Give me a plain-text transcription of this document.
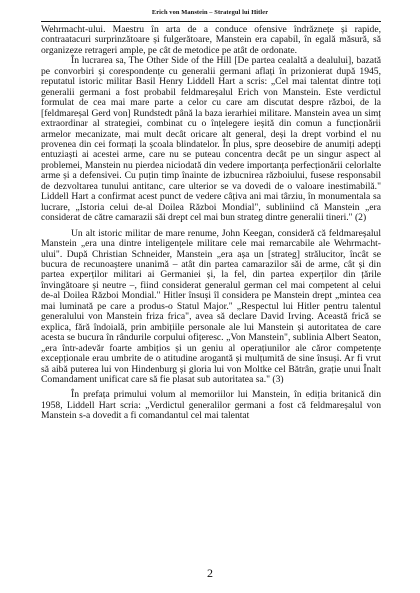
Erich von Manstein – Strategul lui Hitler

Wehrmacht-ului. Maestru în arta de a conduce ofensive îndrăznețe și rapide, contraatacuri surprinzătoare și fulgerătoare, Manstein era capabil, în egală măsură, să organizeze retrageri ample, pe cât de metodice pe atât de ordonate.

În lucrarea sa, The Other Side of the Hill [De partea cealaltă a dealului], bazată pe convorbiri și corespondențe cu generalii germani aflați în prizonierat după 1945, reputatul istoric militar Basil Henry Liddell Hart a scris: „Cel mai talentat dintre toți generalii germani a fost probabil feldmareșalul Erich von Manstein. Este verdictul formulat de cea mai mare parte a celor cu care am discutat despre război, de la [feldmareșal Gerd von] Rundstedt până la baza ierarhiei militare. Manstein avea un simț extraordinar al strategiei, combinat cu o înțelegere ieșită din comun a funcționării armelor mecanizate, mai mult decât oricare alt general, deși la drept vorbind el nu provenea din cei formați la școala blindatelor. În plus, spre deosebire de anumiți adepți entuziaști ai acestei arme, care nu se puteau concentra decât pe un singur aspect al problemei, Manstein nu pierdea niciodată din vedere importanța perfecționării celorlalte arme și a defensivei. Cu puțin timp înainte de izbucnirea războiului, fusese responsabil de dezvoltarea tunului antitanc, care ulterior se va dovedi de o valoare inestimabilă." Liddell Hart a confirmat acest punct de vedere câțiva ani mai târziu, în monumentala sa lucrare, „Istoria celui de-al Doilea Război Mondial", subliniind că Manstein „era considerat de către camarazii săi drept cel mai bun strateg dintre generalii tineri." (2)

Un alt istoric militar de mare renume, John Keegan, consideră că feldmareșalul Manstein „era una dintre inteligențele militare cele mai remarcabile ale Wehrmacht-ului". După Christian Schneider, Manstein „era așa un [strateg] strălucitor, încât se bucura de recunoaștere unanimă – atât din partea camarazilor săi de arme, cât și din partea experților militari ai Germaniei și, la fel, din partea experților din țările învingătoare și neutre –, fiind considerat generalul german cel mai competent al celui de-al Doilea Război Mondial." Hitler însuși îl considera pe Manstein drept „mintea cea mai luminată pe care a produs-o Statul Major." „Respectul lui Hitler pentru talentul generalului von Manstein friza frica", avea să declare David Irving. Această frică se explica, fără îndoială, prin ambițiile personale ale lui Manstein și autoritatea de care acesta se bucura în rândurile corpului ofițeresc. „Von Manstein", sublinia Albert Seaton, „era într-adevăr foarte ambițios și un geniu al operațiunilor ale căror competențe excepționale erau umbrite de o atitudine arogantă și mulțumită de sine însuși. Ar fi vrut să aibă puterea lui von Hindenburg și gloria lui von Moltke cel Bătrân, grație unui Înalt Comandament unificat care să fie plasat sub autoritatea sa." (3)

În prefața primului volum al memoriilor lui Manstein, în ediția britanică din 1958, Liddell Hart scria: „Verdictul generalilor germani a fost că feldmareșalul von Manstein s-a dovedit a fi comandantul cel mai talentat

2
